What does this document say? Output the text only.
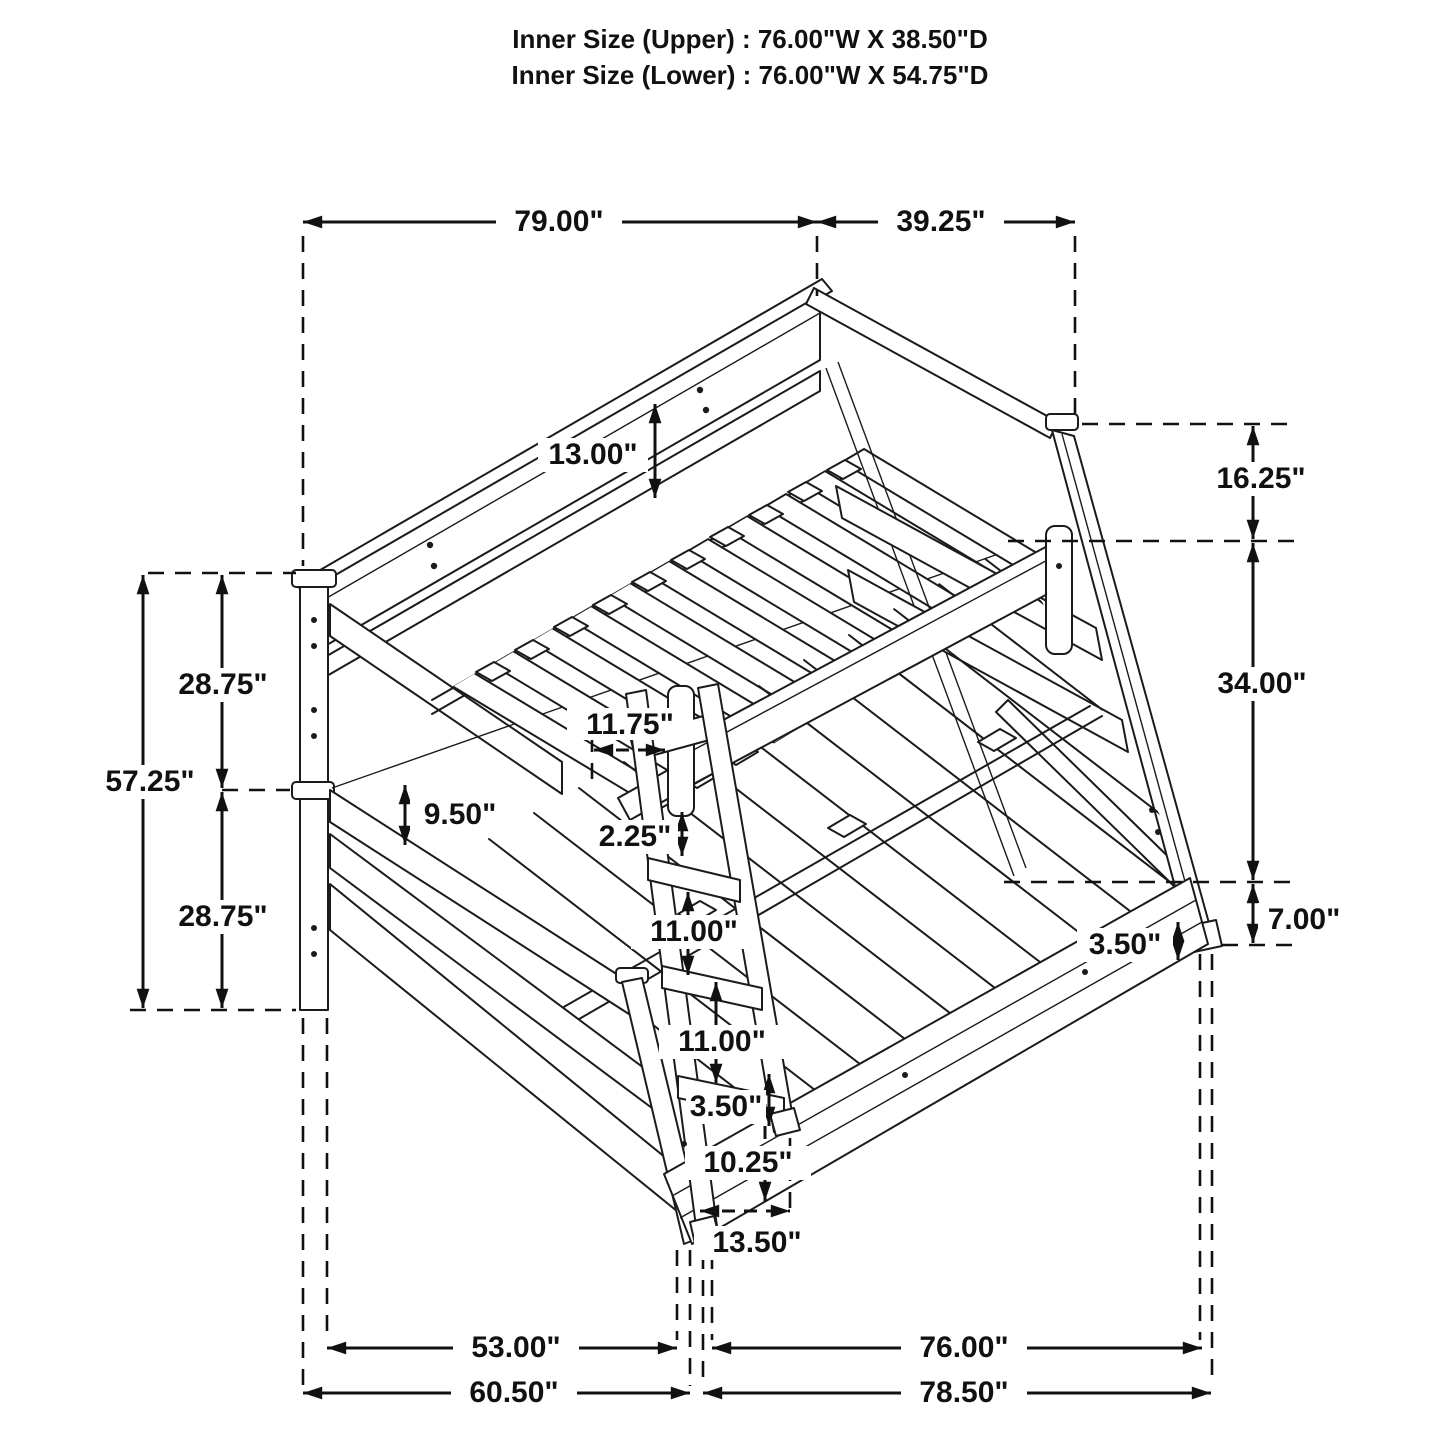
79.00"	39.25"
57.25"
28.75"
28.75"
16.25"
34.00"
7.00"
13.00"
11.75"
9.50"
2.25"
11.00"
11.00"
3.50"
10.25"
13.50"
3.50"
53.00"	76.00"
60.50"	78.50"
Inner Size (Upper) : 76.00"W X 38.50"D
Inner Size (Lower) : 76.00"W X 54.75"D
